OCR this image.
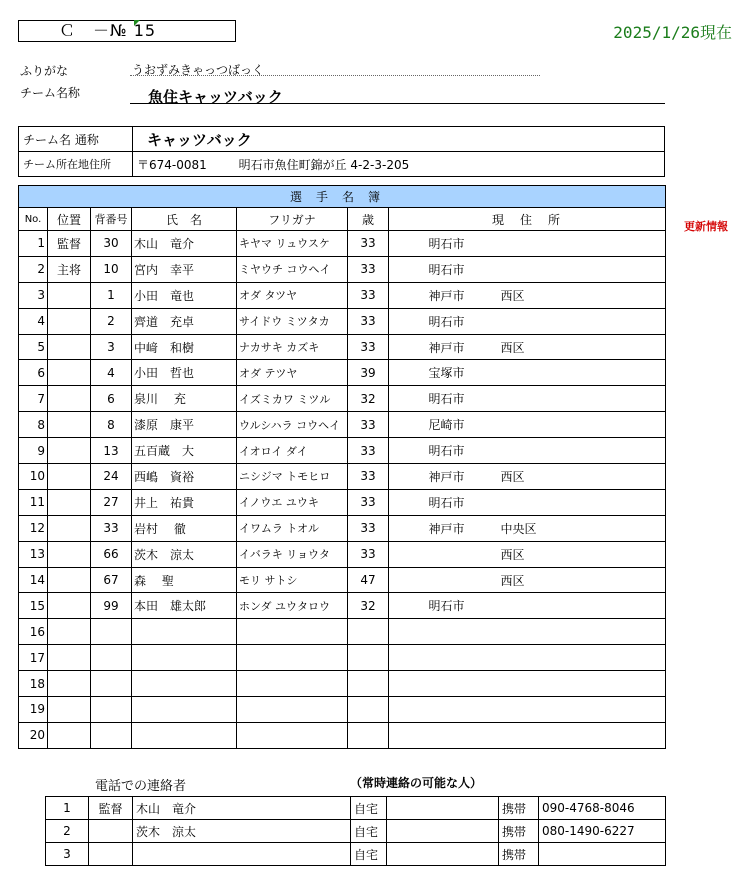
Ｃ　－№ 15	2025/1/26現在
ふりがな	うおずみきゃっつばっく
チーム名称	魚住キャッツバック
チーム名 通称	キャッツバック
チーム所在地住所	〒674-0081 明石市魚住町錦が丘 4-2-3-205
選手名簿								
No.	位置	背番号	氏　名	フリガナ	歳	現　住　所		
1	監督	30	木山　竜介	キヤマ リュウスケ	33		明石市	
2	主将	10	宮内　幸平	ミヤウチ コウヘイ	33		明石市	
3		1	小田　竜也	オダ タツヤ	33		神戸市	西区
4		2	齊道　充卓	サイドウ ミツタカ	33		明石市	
5		3	中﨑　和樹	ナカサキ カズキ	33		神戸市	西区
6		4	小田　哲也	オダ テツヤ	39		宝塚市	
7		6	泉川　 充	イズミカワ ミツル	32		明石市	
8		8	漆原　康平	ウルシハラ コウヘイ	33		尼崎市	
9		13	五百蔵　大	イオロイ ダイ	33		明石市	
10		24	西嶋　資裕	ニシジマ トモヒロ	33		神戸市	西区
11		27	井上　祐貴	イノウエ ユウキ	33		明石市	
12		33	岩村　 徹	イワムラ トオル	33		神戸市	中央区
13		66	茨木　涼太	イバラキ リョウタ	33			西区
14		67	森　 聖	モリ サトシ	47			西区
15		99	本田　雄太郎	ホンダ ユウタロウ	32		明石市	
16								
17								
18								
19								
20								
更新情報
電話での連絡者	（常時連絡の可能な人）
1	監督	木山　竜介	自宅		携帯	090-4768-8046
2		茨木　涼太	自宅		携帯	080-1490-6227
3			自宅		携帯	
